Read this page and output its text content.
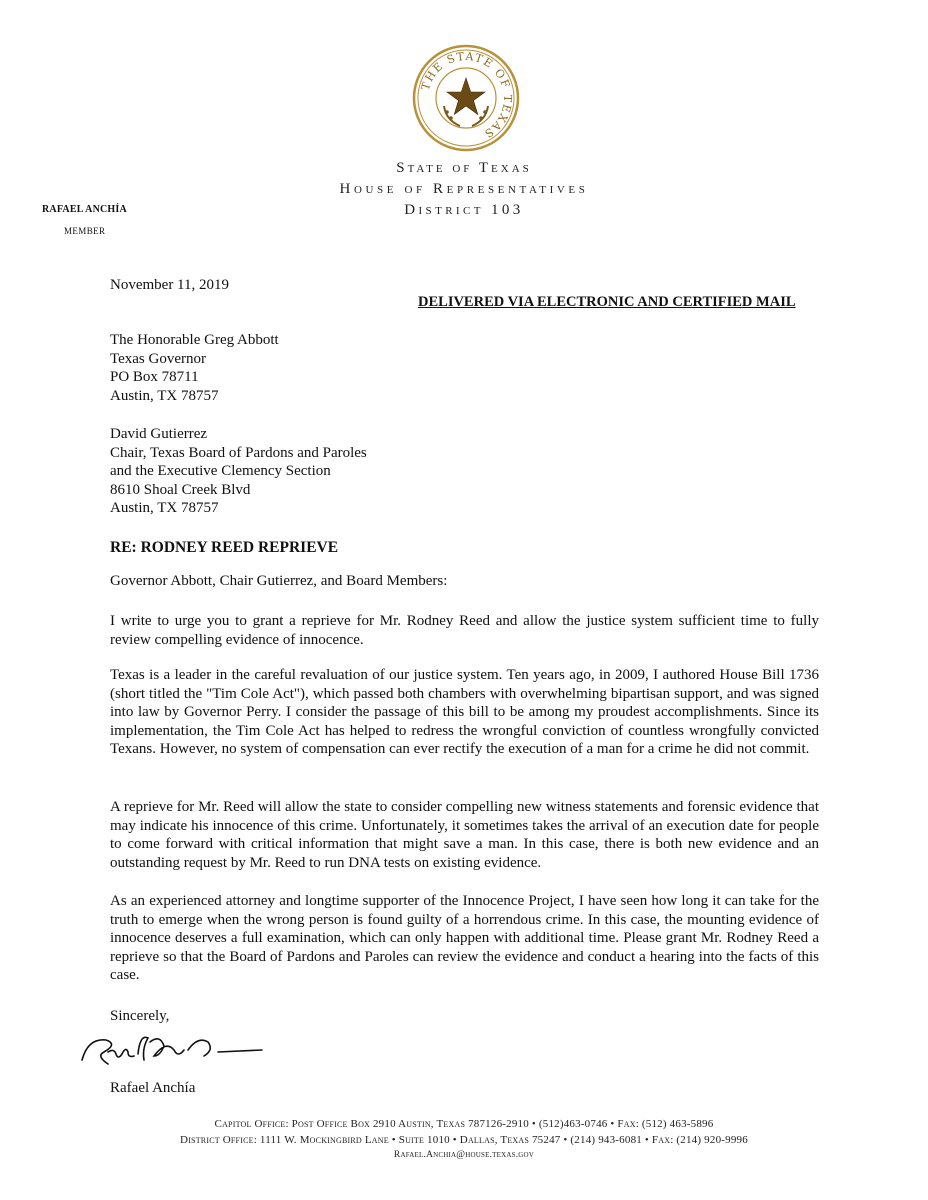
THE STATE OF TEXAS
State of Texas
House of Representatives
District 103
RAFAEL ANCHÍA
MEMBER
November 11, 2019
DELIVERED VIA ELECTRONIC AND CERTIFIED MAIL
The Honorable Greg Abbott
Texas Governor
PO Box 78711
Austin, TX 78757
David Gutierrez
Chair, Texas Board of Pardons and Paroles
and the Executive Clemency Section
8610 Shoal Creek Blvd
Austin, TX 78757
RE: RODNEY REED REPRIEVE
Governor Abbott, Chair Gutierrez, and Board Members:
I write to urge you to grant a reprieve for Mr. Rodney Reed and allow the justice system sufficient time to fully review compelling evidence of innocence.
Texas is a leader in the careful revaluation of our justice system. Ten years ago, in 2009, I authored House Bill 1736 (short titled the "Tim Cole Act"), which passed both chambers with overwhelming bipartisan support, and was signed into law by Governor Perry. I consider the passage of this bill to be among my proudest accomplishments. Since its implementation, the Tim Cole Act has helped to redress the wrongful conviction of countless wrongfully convicted Texans. However, no system of compensation can ever rectify the execution of a man for a crime he did not commit.
A reprieve for Mr. Reed will allow the state to consider compelling new witness statements and forensic evidence that may indicate his innocence of this crime. Unfortunately, it sometimes takes the arrival of an execution date for people to come forward with critical information that might save a man. In this case, there is both new evidence and an outstanding request by Mr. Reed to run DNA tests on existing evidence.
As an experienced attorney and longtime supporter of the Innocence Project, I have seen how long it can take for the truth to emerge when the wrong person is found guilty of a horrendous crime. In this case, the mounting evidence of innocence deserves a full examination, which can only happen with additional time. Please grant Mr. Rodney Reed a reprieve so that the Board of Pardons and Paroles can review the evidence and conduct a hearing into the facts of this case.
Sincerely,
Rafael Anchía
Capitol Office: Post Office Box 2910 Austin, Texas 787126-2910 • (512)463-0746 • Fax: (512) 463-5896
District Office: 1111 W. Mockingbird Lane • Suite 1010 • Dallas, Texas 75247 • (214) 943-6081 • Fax: (214) 920-9996
Rafael.Anchia@house.texas.gov
